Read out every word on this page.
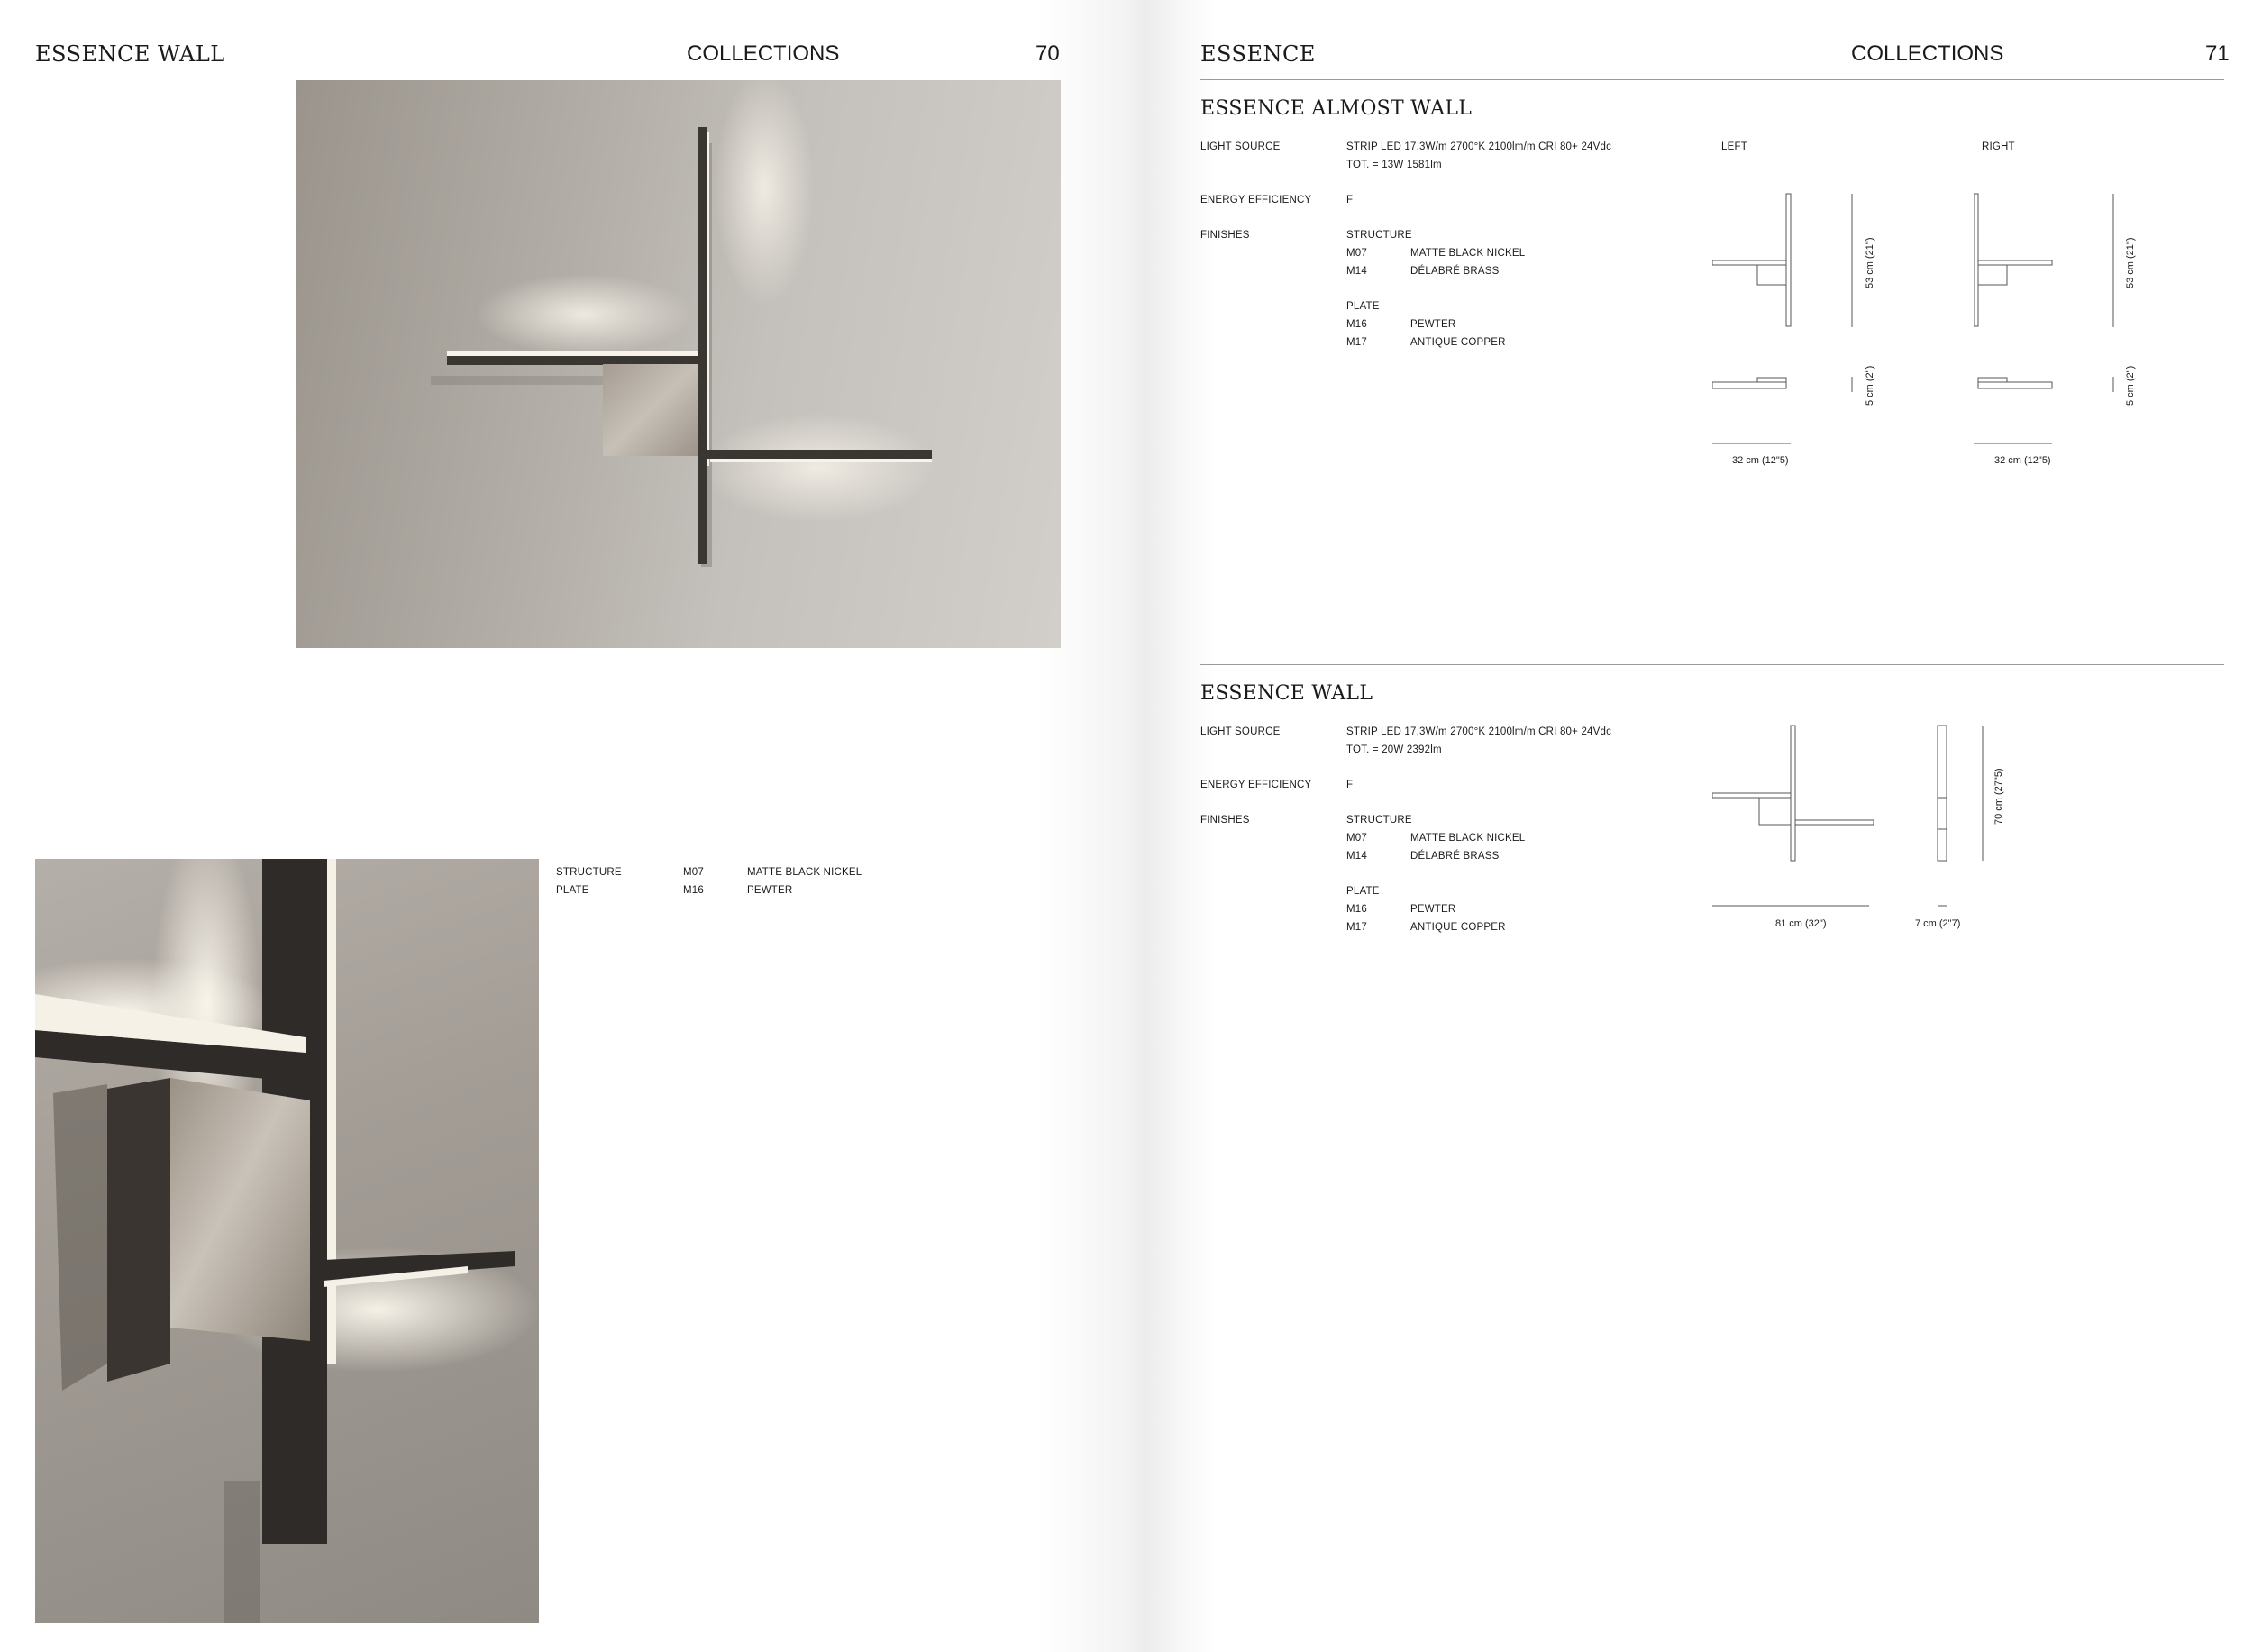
ESSENCE WALL	COLLECTIONS	70
STRUCTURE	M07	MATTE BLACK NICKEL
PLATE	M16	PEWTER
ESSENCE	COLLECTIONS	71
ESSENCE ALMOST WALL
LIGHT SOURCE	STRIP LED 17,3W/m 2700°K 2100lm/m CRI 80+ 24Vdc
TOT. = 13W 1581lm
ENERGY EFFICIENCY	F
FINISHES	STRUCTURE
M07	MATTE BLACK NICKEL
M14	DÉLABRÉ BRASS
PLATE
M16	PEWTER
M17	ANTIQUE COPPER
LEFT	RIGHT
53 cm (21")
5 cm (2")
32 cm (12"5)
53 cm (21")
5 cm (2")
32 cm (12"5)
ESSENCE WALL
LIGHT SOURCE	STRIP LED 17,3W/m 2700°K 2100lm/m CRI 80+ 24Vdc
TOT. = 20W 2392lm
ENERGY EFFICIENCY	F
FINISHES	STRUCTURE
M07	MATTE BLACK NICKEL
M14	DÉLABRÉ BRASS
PLATE
M16	PEWTER
M17	ANTIQUE COPPER
70 cm (27"5)
81 cm (32")	7 cm (2"7)
